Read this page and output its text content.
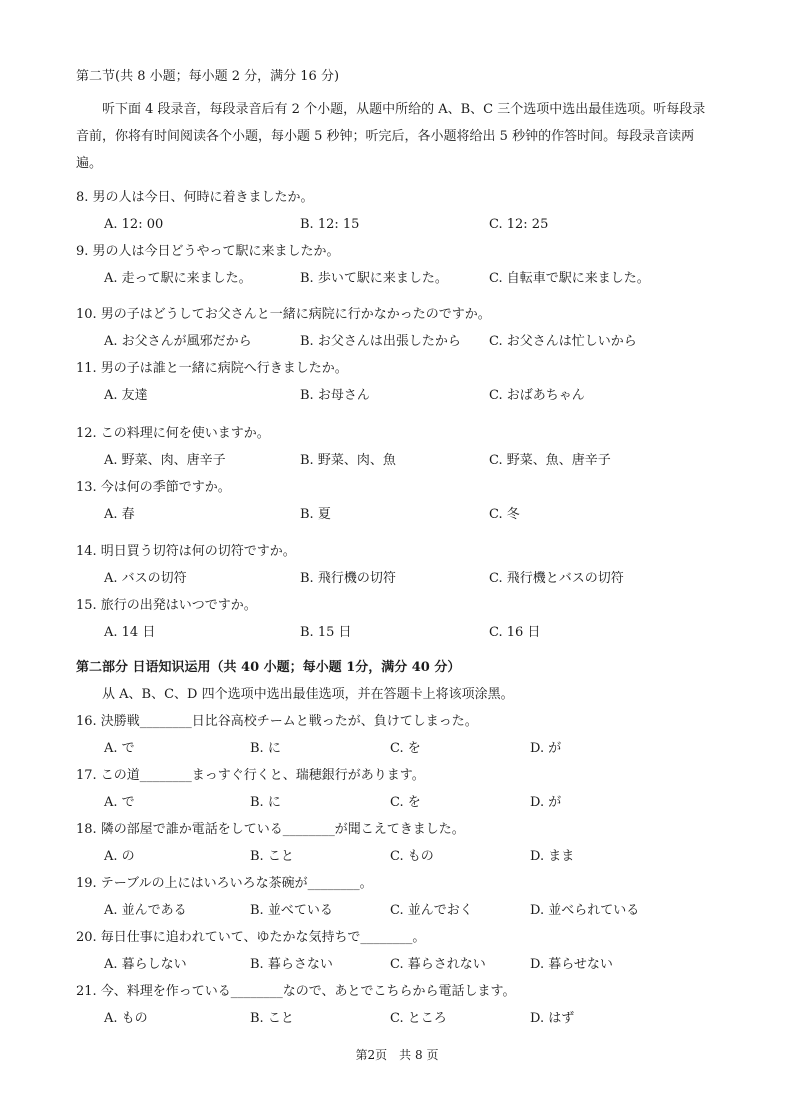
第二节(共 8 小题；每小题 2 分，满分 16 分)
听下面 4 段录音，每段录音后有 2 个小题，从题中所给的 A、B、C 三个选项中选出最佳选项。听每段录音前，你将有时间阅读各个小题，每小题 5 秒钟；听完后，各小题将给出 5 秒钟的作答时间。每段录音读两遍。
8. 男の人は今日、何時に着きましたか。
A. 12: 00	B. 12: 15	C. 12: 25
9. 男の人は今日どうやって駅に来ましたか。
A. 走って駅に来ました。	B. 歩いて駅に来ました。	C. 自転車で駅に来ました。
10. 男の子はどうしてお父さんと一緒に病院に行かなかったのですか。
A. お父さんが風邪だから	B. お父さんは出張したから C. お父さんは忙しいから
11. 男の子は誰と一緒に病院へ行きましたか。
A. 友達	B. お母さん	C. おばあちゃん
12. この料理に何を使いますか。
A. 野菜、肉、唐辛子	B. 野菜、肉、魚	C. 野菜、魚、唐辛子
13. 今は何の季節ですか。
A. 春	B. 夏	C. 冬
14. 明日買う切符は何の切符ですか。
A. バスの切符	B. 飛行機の切符	C. 飛行機とバスの切符
15. 旅行の出発はいつですか。
A. 14 日	B. 15 日	C. 16 日
第二部分 日语知识运用（共 40 小题；每小题 1分，满分 40 分）
从 A、B、C、D 四个选项中选出最佳选项，并在答题卡上将该项涂黑。
16. 決勝戦________日比谷高校チームと戦ったが、負けてしまった。
A. で	B. に	C. を	D. が
17. この道________まっすぐ行くと、瑞穂銀行があります。
A. で	B. に	C. を	D. が
18. 隣の部屋で誰か電話をしている________が聞こえてきました。
A. の	B. こと	C. もの	D. まま
19. テーブルの上にはいろいろな茶碗が________。
A. 並んである	B. 並べている	C. 並んでおく	D. 並べられている
20. 毎日仕事に追われていて、ゆたかな気持ちで________。
A. 暮らしない	B. 暮らさない	C. 暮らされない	D. 暮らせない
21. 今、料理を作っている________なので、あとでこちらから電話します。
A. もの	B. こと	C. ところ	D. はず
第2页　共 8 页
